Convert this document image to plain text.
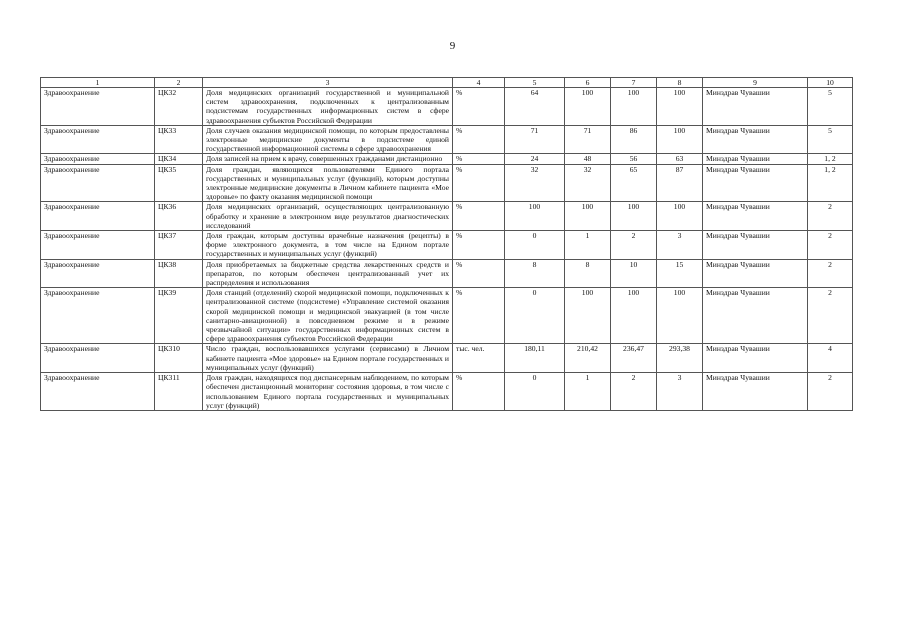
9
1	2	3	4	5	6	7	8	9	10
Здравоохранение	ЦК32	Доля медицинских организаций государственной и муниципальной систем здравоохранения, подключенных к централизованным подсистемам государственных информационных систем в сфере здравоохранения субъектов Российской Федерации	%	64	100	100	100	Минздрав Чувашии	5
Здравоохранение	ЦК33	Доля случаев оказания медицинской помощи, по которым предоставлены электронные медицинские документы в подсистеме единой государственной информационной системы в сфере здравоохранения	%	71	71	86	100	Минздрав Чувашии	5
Здравоохранение	ЦК34	Доля записей на прием к врачу, совершенных гражданами дистанционно	%	24	48	56	63	Минздрав Чувашии	1, 2
Здравоохранение	ЦК35	Доля граждан, являющихся пользователями Единого портала государственных и муниципальных услуг (функций), которым доступны электронные медицинские документы в Личном кабинете пациента «Мое здоровье» по факту оказания медицинской помощи	%	32	32	65	87	Минздрав Чувашии	1, 2
Здравоохранение	ЦК36	Доля медицинских организаций, осуществляющих централизованную обработку и хранение в электронном виде результатов диагностических исследований	%	100	100	100	100	Минздрав Чувашии	2
Здравоохранение	ЦК37	Доля граждан, которым доступны врачебные назначения (рецепты) в форме электронного документа, в том числе на Едином портале государственных и муниципальных услуг (функций)	%	0	1	2	3	Минздрав Чувашии	2
Здравоохранение	ЦК38	Доля приобретаемых за бюджетные средства лекарственных средств и препаратов, по которым обеспечен централизованный учет их распределения и использования	%	8	8	10	15	Минздрав Чувашии	2
Здравоохранение	ЦК39	Доля станций (отделений) скорой медицинской помощи, подключенных к централизованной системе (подсистеме) «Управление системой оказания скорой медицинской помощи и медицинской эвакуацией (в том числе санитарно-авиационной) в повседневном режиме и в режиме чрезвычайной ситуации» государственных информационных систем в сфере здравоохранения субъектов Российской Федерации	%	0	100	100	100	Минздрав Чувашии	2
Здравоохранение	ЦК310	Число граждан, воспользовавшихся услугами (сервисами) в Личном кабинете пациента «Мое здоровье» на Едином портале государственных и муниципальных услуг (функций)	тыс. чел.	180,11	210,42	236,47	293,38	Минздрав Чувашии	4
Здравоохранение	ЦК311	Доля граждан, находящихся под диспансерным наблюдением, по которым обеспечен дистанционный мониторинг состояния здоровья, в том числе с использованием Единого портала государственных и муниципальных услуг (функций)	%	0	1	2	3	Минздрав Чувашии	2
